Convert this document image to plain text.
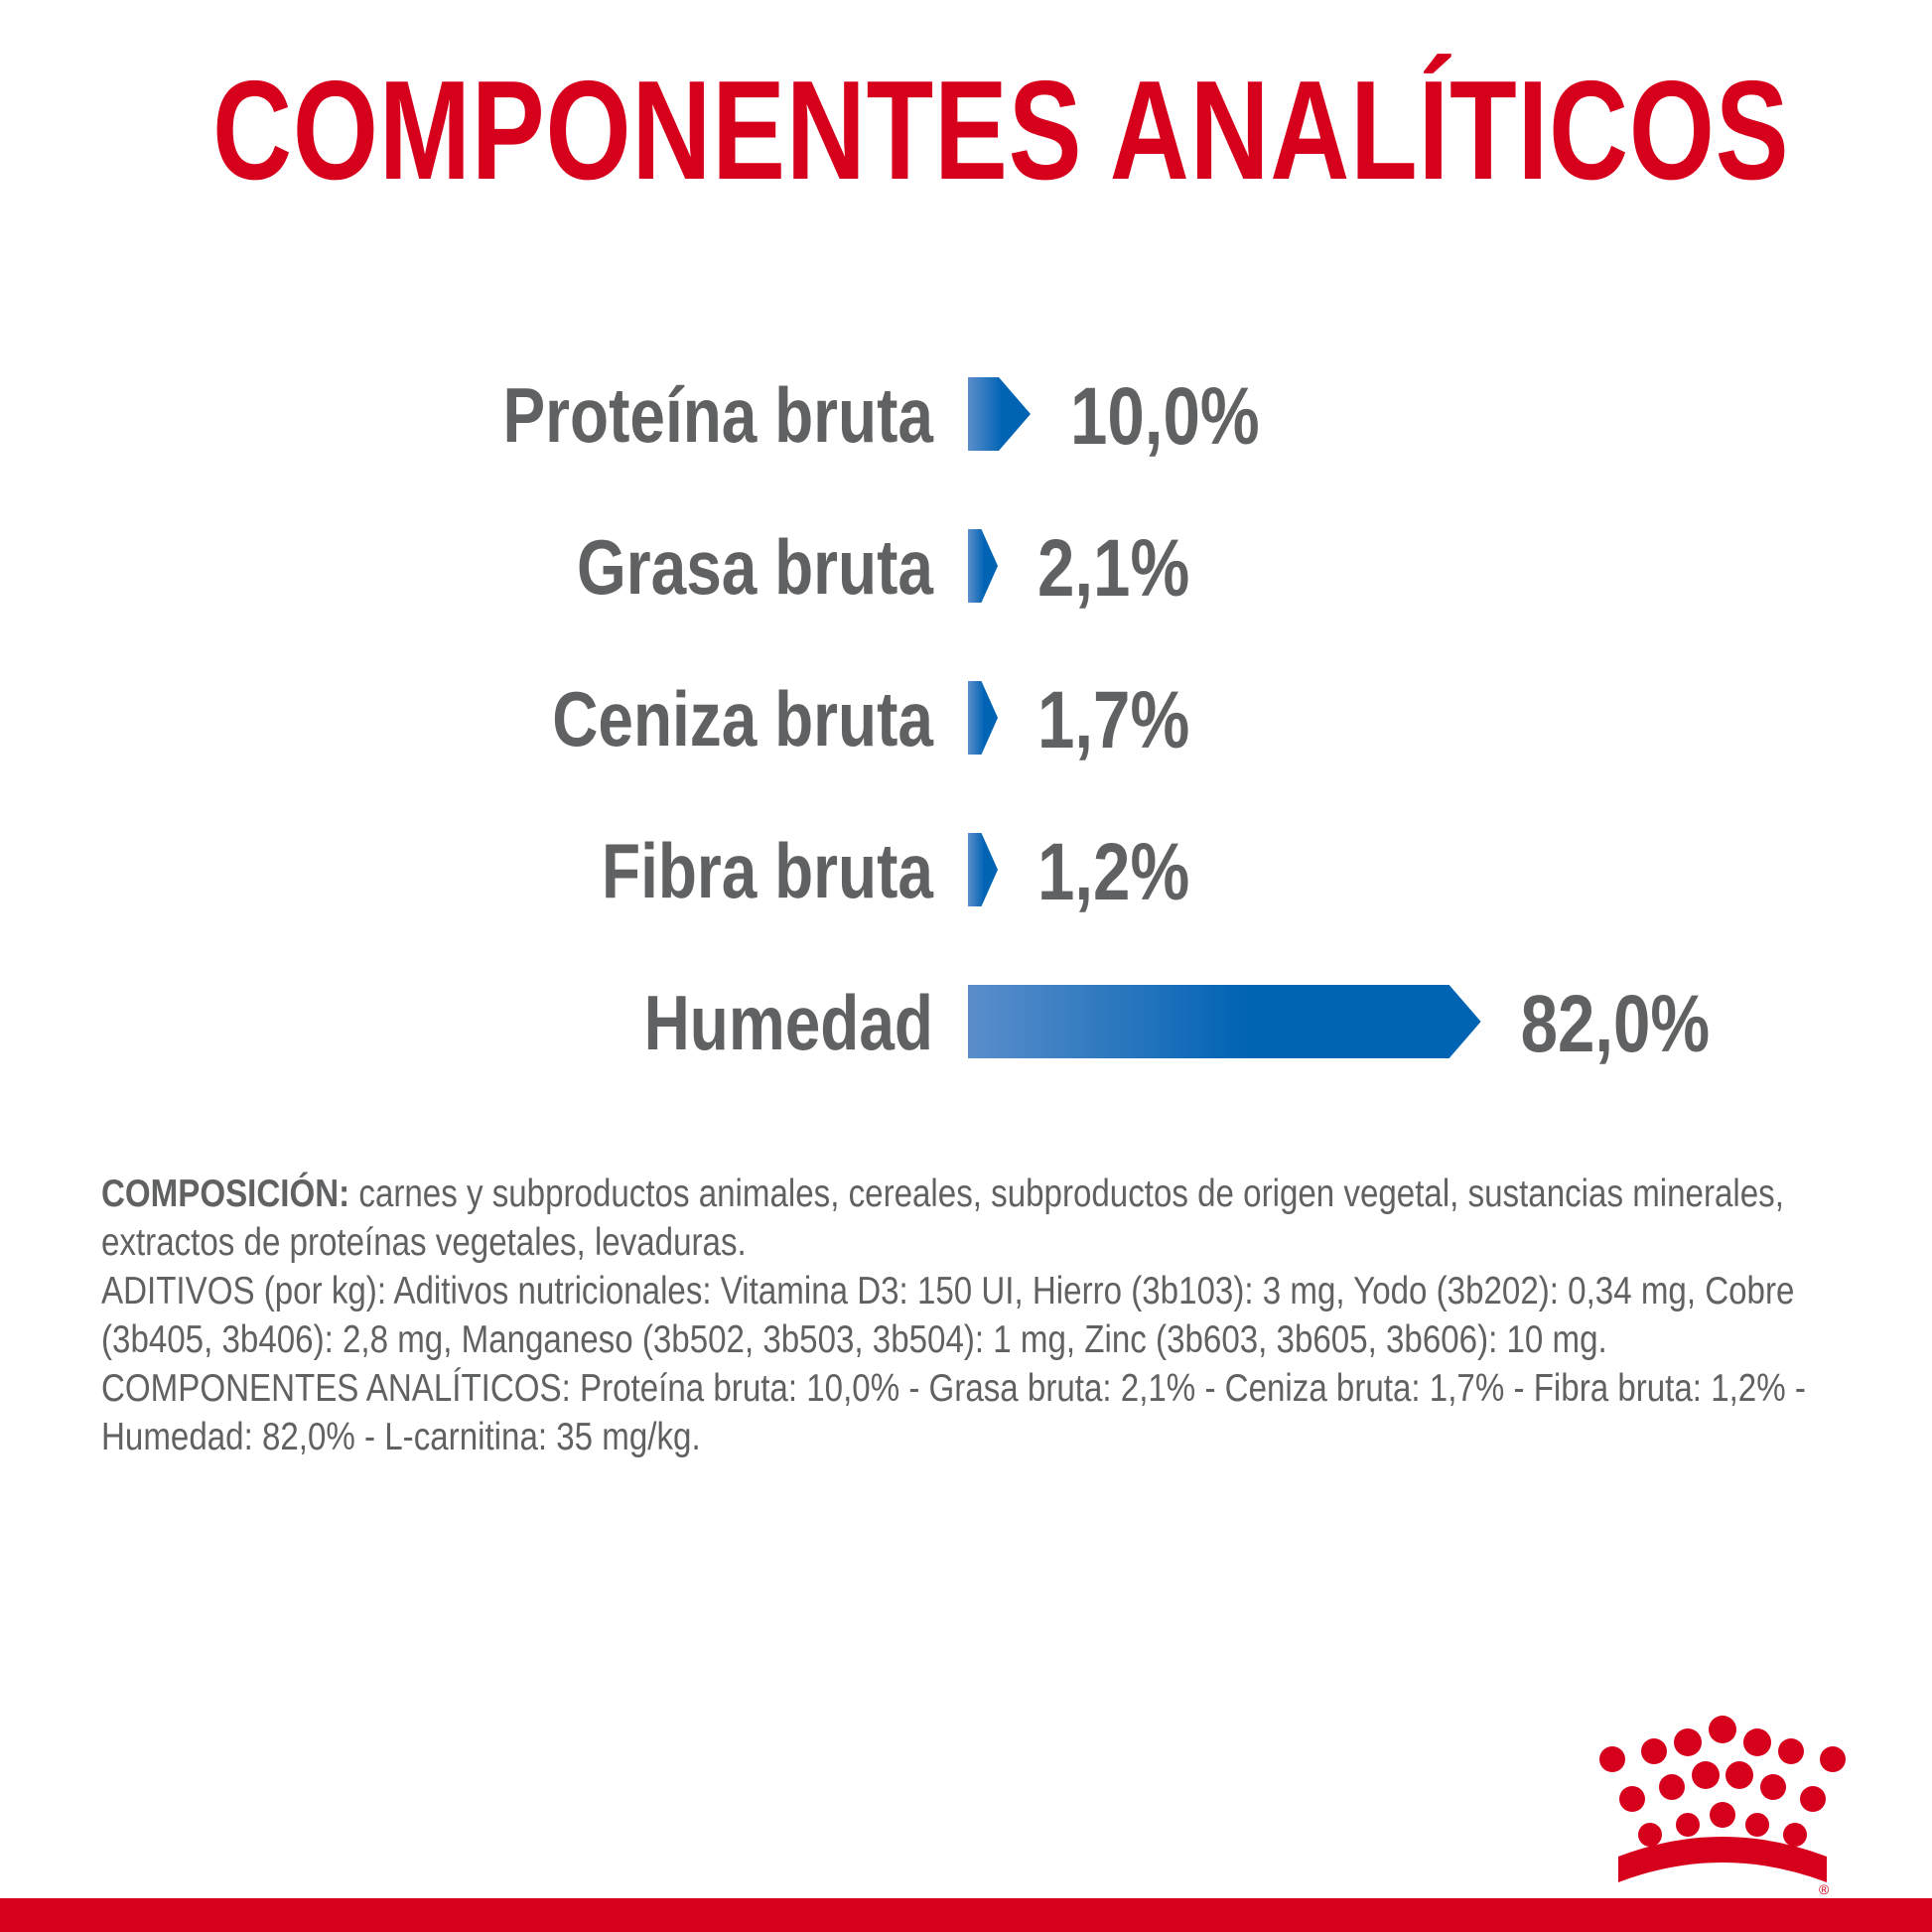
COMPONENTES ANALÍTICOS
Proteína bruta 10,0%
Grasa bruta 2,1%
Ceniza bruta 1,7%
Fibra bruta 1,2%
Humedad	82,0%

COMPOSICIÓN: carnes y subproductos animales, cereales, subproductos de origen vegetal, sustancias minerales, extractos de proteínas vegetales, levaduras.

ADITIVOS (por kg): Aditivos nutricionales: Vitamina D3: 150 UI, Hierro (3b103): 3 mg, Yodo (3b202): 0,34 mg, Cobre (3b405, 3b406): 2,8 mg, Manganeso (3b502, 3b503, 3b504): 1 mg, Zinc (3b603, 3b605, 3b606): 10 mg.

COMPONENTES ANALÍTICOS: Proteína bruta: 10,0% - Grasa bruta: 2,1% - Ceniza bruta: 1,7% - Fibra bruta: 1,2% - Humedad: 82,0% - L-carnitina: 35 mg/kg.

®
